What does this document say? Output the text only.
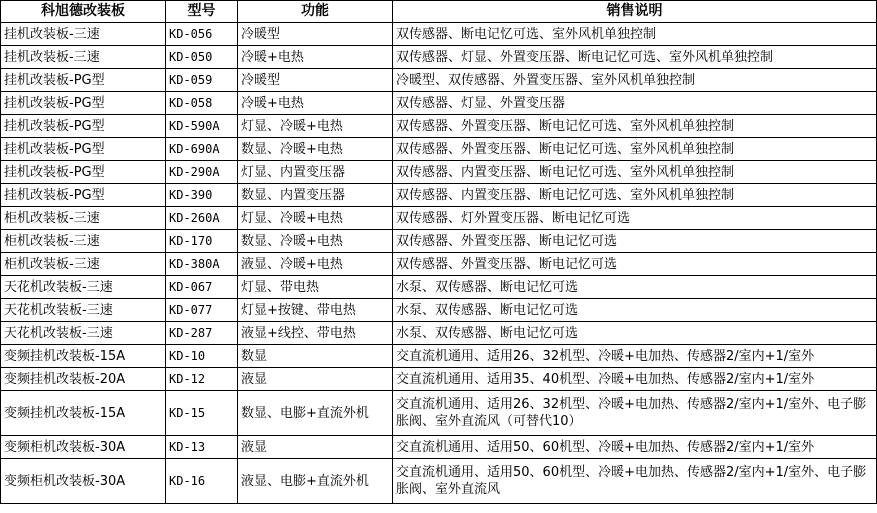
科旭德改装板	型号	功能	销售说明
挂机改装板-三速	KD-056	冷暖型	双传感器、断电记忆可选、室外风机单独控制
挂机改装板-三速	KD-050	冷暖+电热	双传感器、灯显、外置变压器、断电记忆可选、室外风机单独控制
挂机改装板-PG型	KD-059	冷暖型	冷暖型、双传感器、外置变压器、室外风机单独控制
挂机改装板-PG型	KD-058	冷暖+电热	双传感器、灯显、外置变压器
挂机改装板-PG型	KD-590A	灯显、冷暖+电热	双传感器、外置变压器、断电记忆可选、室外风机单独控制
挂机改装板-PG型	KD-690A	数显、冷暖+电热	双传感器、外置变压器、断电记忆可选、室外风机单独控制
挂机改装板-PG型	KD-290A	灯显、内置变压器	双传感器、内置变压器、断电记忆可选、室外风机单独控制
挂机改装板-PG型	KD-390	数显、内置变压器	双传感器、内置变压器、断电记忆可选、室外风机单独控制
柜机改装板-三速	KD-260A	灯显、冷暖+电热	双传感器、灯外置变压器、断电记忆可选
柜机改装板-三速	KD-170	数显、冷暖+电热	双传感器、外置变压器、断电记忆可选
柜机改装板-三速	KD-380A	液显、冷暖+电热	双传感器、外置变压器、断电记忆可选
天花机改装板-三速	KD-067	灯显、带电热	水泵、双传感器、断电记忆可选
天花机改装板-三速	KD-077	灯显+按键、带电热	水泵、双传感器、断电记忆可选
天花机改装板-三速	KD-287	液显+线控、带电热	水泵、双传感器、断电记忆可选
变频挂机改装板-15A	KD-10	数显	交直流机通用、适用26、32机型、冷暖+电加热、传感器2/室内+1/室外
变频挂机改装板-20A	KD-12	液显	交直流机通用、适用35、40机型、冷暖+电加热、传感器2/室内+1/室外
变频挂机改装板-15A	KD-15	数显、电膨+直流外机	交直流机通用、适用26、32机型、冷暖+电加热、传感器2/室内+1/室外、电子膨胀阀、室外直流风（可替代10）
变频柜机改装板-30A	KD-13	液显	交直流机通用、适用50、60机型、冷暖+电加热、传感器2/室内+1/室外
变频柜机改装板-30A	KD-16	液显、电膨+直流外机	交直流机通用、适用50、60机型、冷暖+电加热、传感器2/室内+1/室外、电子膨胀阀、室外直流风
